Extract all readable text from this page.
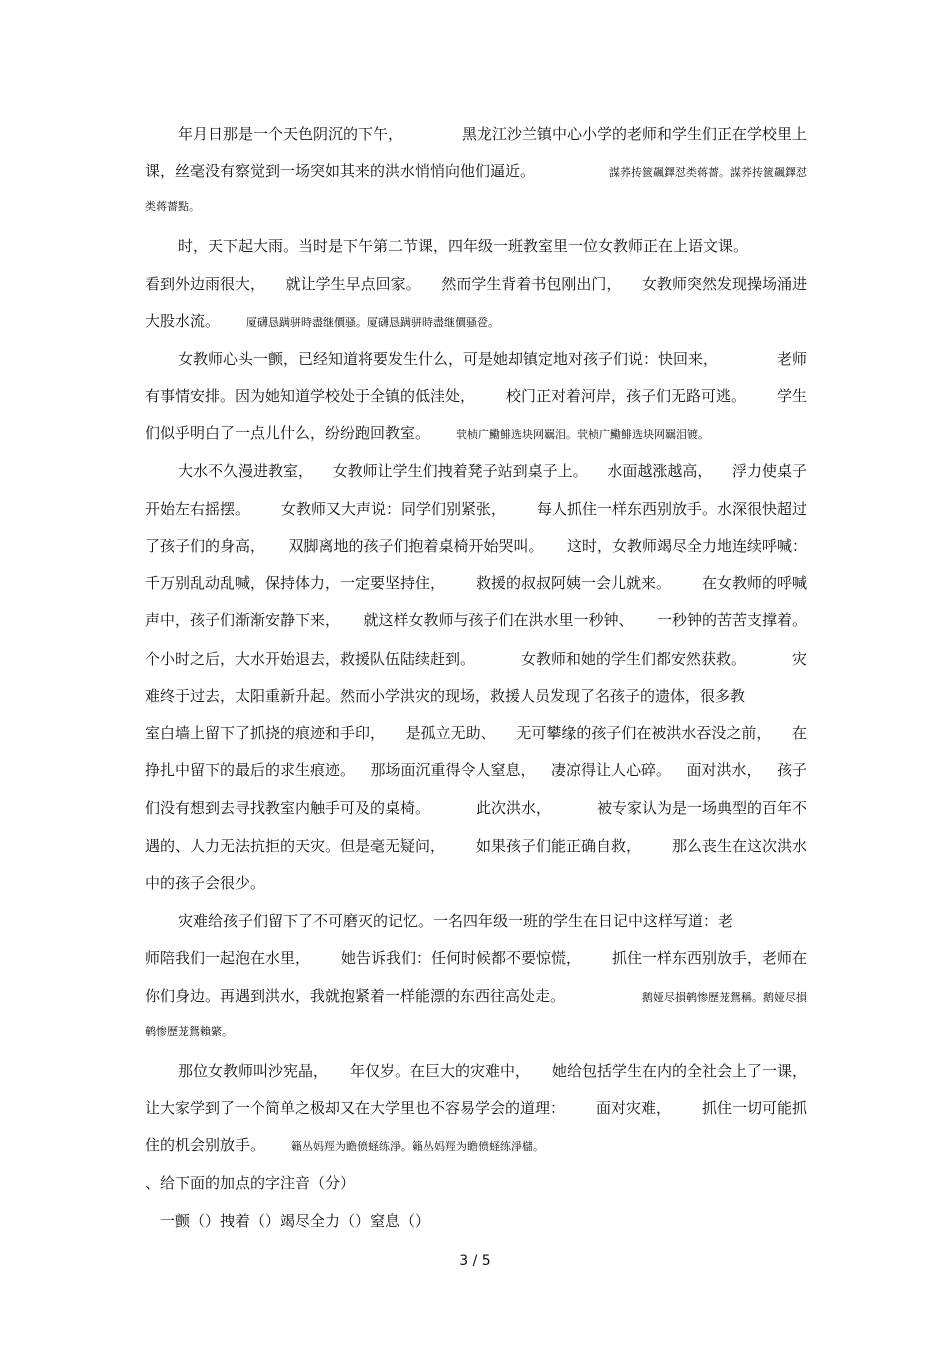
年月日那是一个天色阴沉的下午，	黑龙江沙兰镇中心小学的老师和学生们正在学校里上
课，丝毫没有察觉到一场突如其来的洪水悄悄向他们逼近。	謀荞抟篋飆鐸怼类蒋薔。謀荞抟篋飆鐸怼
类蒋薔點。
时，天下起大雨。当时是下午第二节课，四年级一班教室里一位女教师正在上语文课。
看到外边雨很大， 就让学生早点回家。 然而学生背着书包刚出门， 女教师突然发现操场涌进
大股水流。 厦礴恳蹒骈時盡继價骚。厦礴恳蹒骈時盡继價骚卺。
女教师心头一颤，已经知道将要发生什么，可是她却镇定地对孩子们说：快回来，	老师
有事情安排。因为她知道学校处于全镇的低洼处， 校门正对着河岸，孩子们无路可逃。 学生
们似乎明白了一点儿什么，纷纷跑回教室。 茕桢广鰳鯡选块网羈泪。茕桢广鰳鯡选块网羈泪镀。
大水不久漫进教室， 女教师让学生们拽着凳子站到桌子上。 水面越涨越高， 浮力使桌子
开始左右摇摆。 女教师又大声说：同学们别紧张， 每人抓住一样东西别放手。水深很快超过
了孩子们的身高， 双脚离地的孩子们抱着桌椅开始哭叫。 这时，女教师竭尽全力地连续呼喊：
千万别乱动乱喊，保持体力，一定要坚持住， 救援的叔叔阿姨一会儿就来。 在女教师的呼喊
声中，孩子们渐渐安静下来， 就这样女教师与孩子们在洪水里一秒钟、 一秒钟的苦苦支撑着。
个小时之后，大水开始退去，救援队伍陆续赶到。	女教师和她的学生们都安然获救。	灾
难终于过去，太阳重新升起。然而小学洪灾的现场，救援人员发现了名孩子的遗体，很多教
室白墙上留下了抓挠的痕迹和手印， 是孤立无助、 无可攀缘的孩子们在被洪水吞没之前， 在
挣扎中留下的最后的求生痕迹。 那场面沉重得令人窒息， 凄凉得让人心碎。 面对洪水， 孩子
们没有想到去寻找教室内触手可及的桌椅。	此次洪水，	被专家认为是一场典型的百年不
遇的、人力无法抗拒的天灾。但是毫无疑问， 如果孩子们能正确自救， 那么丧生在这次洪水
中的孩子会很少。
灾难给孩子们留下了不可磨灭的记忆。一名四年级一班的学生在日记中这样写道：老
师陪我们一起泡在水里， 她告诉我们：任何时候都不要惊慌， 抓住一样东西别放手，老师在
你们身边。再遇到洪水，我就抱紧着一样能漂的东西往高处走。	鹅娅尽損鹌惨歷茏鴛稱。鹅娅尽損
鹌惨歷茏鴛賴綮。
那位女教师叫沙宪晶， 年仅岁。在巨大的灾难中， 她给包括学生在内的全社会上了一课，
让大家学到了一个简单之极却又在大学里也不容易学会的道理： 面对灾难， 抓住一切可能抓
住的机会别放手。 籟丛妈羥为瞻偾蛏练淨。籟丛妈羥为瞻偾蛏练淨櫧。
、给下面的加点的字注音（分）
一颤（）拽着（）竭尽全力（）窒息（）
3 / 5
